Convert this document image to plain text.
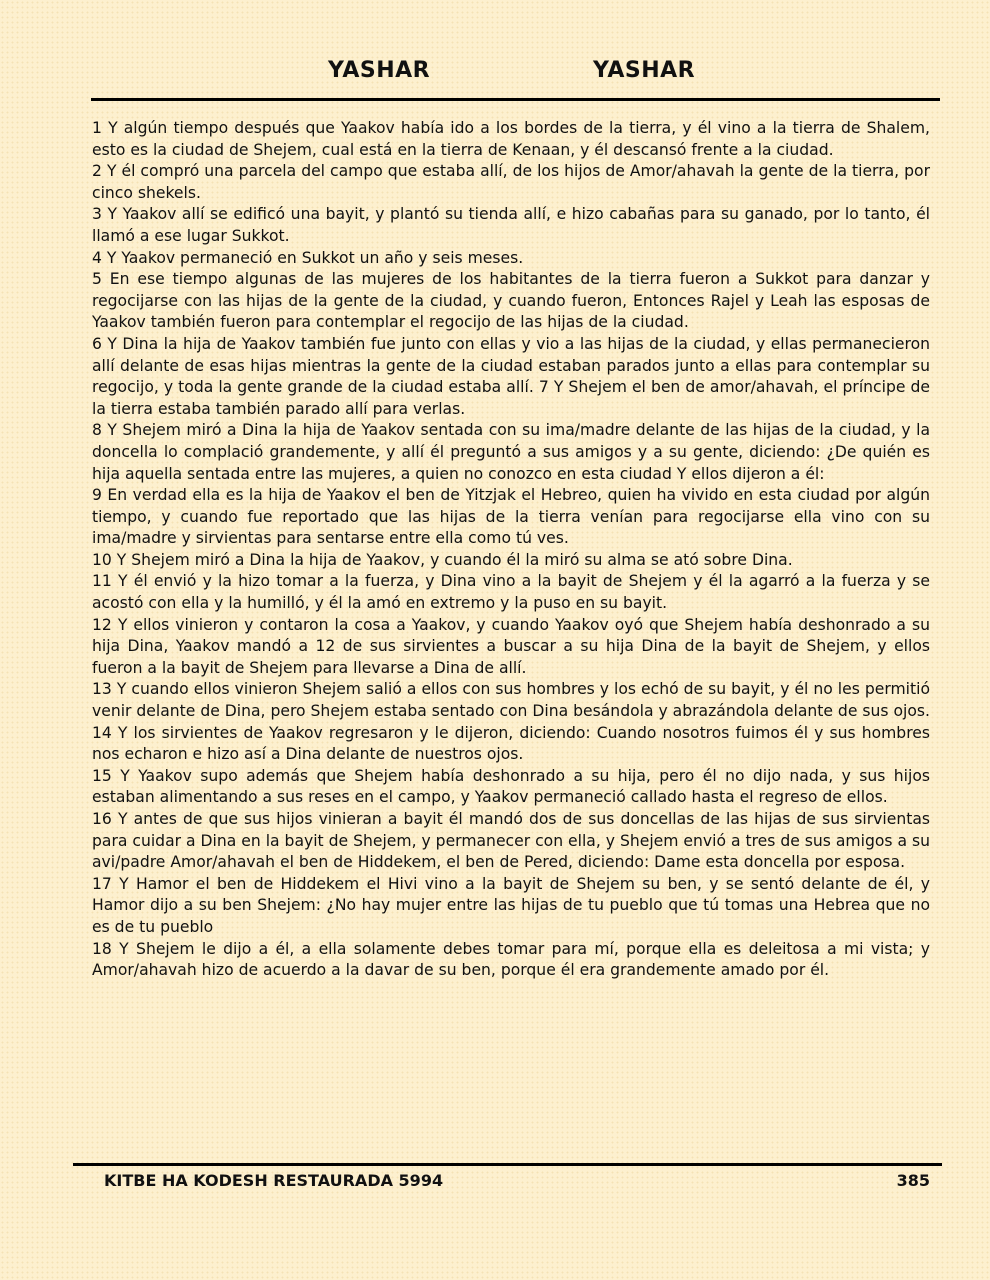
YASHAR	YASHAR

1 Y algún tiempo después que Yaakov había ido a los bordes de la tierra, y él vino a la tierra de Shalem, esto es la ciudad de Shejem, cual está en la tierra de Kenaan, y él descansó frente a la ciudad.

2 Y él compró una parcela del campo que estaba allí, de los hijos de Amor/ahavah la gente de la tierra, por cinco shekels.

3 Y Yaakov allí se edificó una bayit, y plantó su tienda allí, e hizo cabañas para su ganado, por lo tanto, él llamó a ese lugar Sukkot.

4 Y Yaakov permaneció en Sukkot un año y seis meses.

5 En ese tiempo algunas de las mujeres de los habitantes de la tierra fueron a Sukkot para danzar y regocijarse con las hijas de la gente de la ciudad, y cuando fueron, Entonces Rajel y Leah las esposas de Yaakov también fueron para contemplar el regocijo de las hijas de la ciudad.

6 Y Dina la hija de Yaakov también fue junto con ellas y vio a las hijas de la ciudad, y ellas permanecieron allí delante de esas hijas mientras la gente de la ciudad estaban parados junto a ellas para contemplar su regocijo, y toda la gente grande de la ciudad estaba allí. 7 Y Shejem el ben de amor/ahavah, el príncipe de la tierra estaba también parado allí para verlas.

8 Y Shejem miró a Dina la hija de Yaakov sentada con su ima/madre delante de las hijas de la ciudad, y la doncella lo complació grandemente, y allí él preguntó a sus amigos y a su gente, diciendo: ¿De quién es hija aquella sentada entre las mujeres, a quien no conozco en esta ciudad Y ellos dijeron a él:

9 En verdad ella es la hija de Yaakov el ben de Yitzjak el Hebreo, quien ha vivido en esta ciudad por algún tiempo, y cuando fue reportado que las hijas de la tierra venían para regocijarse ella vino con su ima/madre y sirvientas para sentarse entre ella como tú ves.

10 Y Shejem miró a Dina la hija de Yaakov, y cuando él la miró su alma se ató sobre Dina.

11 Y él envió y la hizo tomar a la fuerza, y Dina vino a la bayit de Shejem y él la agarró a la fuerza y se acostó con ella y la humilló, y él la amó en extremo y la puso en su bayit.

12 Y ellos vinieron y contaron la cosa a Yaakov, y cuando Yaakov oyó que Shejem había deshonrado a su hija Dina, Yaakov mandó a 12 de sus sirvientes a buscar a su hija Dina de la bayit de Shejem, y ellos fueron a la bayit de Shejem para llevarse a Dina de allí.

13 Y cuando ellos vinieron Shejem salió a ellos con sus hombres y los echó de su bayit, y él no les permitió venir delante de Dina, pero Shejem estaba sentado con Dina besándola y abrazándola delante de sus ojos.

14 Y los sirvientes de Yaakov regresaron y le dijeron, diciendo: Cuando nosotros fuimos él y sus hombres nos echaron e hizo así a Dina delante de nuestros ojos.

15 Y Yaakov supo además que Shejem había deshonrado a su hija, pero él no dijo nada, y sus hijos estaban alimentando a sus reses en el campo, y Yaakov permaneció callado hasta el regreso de ellos.

16 Y antes de que sus hijos vinieran a bayit él mandó dos de sus doncellas de las hijas de sus sirvientas para cuidar a Dina en la bayit de Shejem, y permanecer con ella, y Shejem envió a tres de sus amigos a su avi/padre Amor/ahavah el ben de Hiddekem, el ben de Pered, diciendo: Dame esta doncella por esposa.

17 Y Hamor el ben de Hiddekem el Hivi vino a la bayit de Shejem su ben, y se sentó delante de él, y Hamor dijo a su ben Shejem: ¿No hay mujer entre las hijas de tu pueblo que tú tomas una Hebrea que no es de tu pueblo

18 Y Shejem le dijo a él, a ella solamente debes tomar para mí, porque ella es deleitosa a mi vista; y Amor/ahavah hizo de acuerdo a la davar de su ben, porque él era grandemente amado por él.

KITBE HA KODESH RESTAURADA 5994	385
